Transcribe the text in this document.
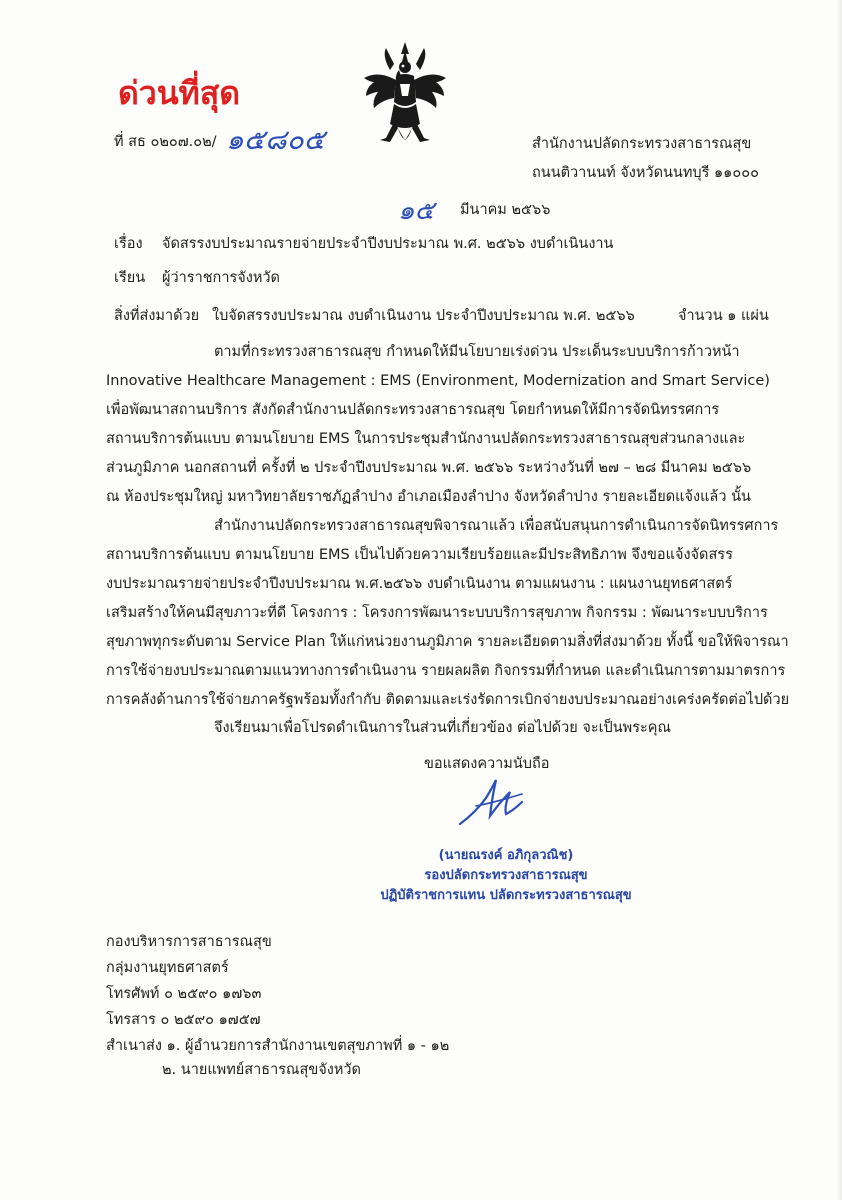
ด่วนที่สุด
ที่ สธ ๐๒๐๗.๐๒/ ๑๕๘๐๕	สำนักงานปลัดกระทรวงสาธารณสุข
ถนนติวานนท์ จังหวัดนนทบุรี ๑๑๐๐๐
๑๕ มีนาคม ๒๕๖๖
เรื่อง จัดสรรงบประมาณรายจ่ายประจำปีงบประมาณ พ.ศ. ๒๕๖๖ งบดำเนินงาน
เรียน ผู้ว่าราชการจังหวัด
สิ่งที่ส่งมาด้วย ใบจัดสรรงบประมาณ งบดำเนินงาน ประจำปีงบประมาณ พ.ศ. ๒๕๖๖	จำนวน ๑ แผ่น
ตามที่กระทรวงสาธารณสุข กำหนดให้มีนโยบายเร่งด่วน ประเด็นระบบบริการก้าวหน้า
Innovative Healthcare Management : EMS (Environment, Modernization and Smart Service)
เพื่อพัฒนาสถานบริการ สังกัดสำนักงานปลัดกระทรวงสาธารณสุข โดยกำหนดให้มีการจัดนิทรรศการ
สถานบริการต้นแบบ ตามนโยบาย EMS ในการประชุมสำนักงานปลัดกระทรวงสาธารณสุขส่วนกลางและ
ส่วนภูมิภาค นอกสถานที่ ครั้งที่ ๒ ประจำปีงบประมาณ พ.ศ. ๒๕๖๖ ระหว่างวันที่ ๒๗ – ๒๘ มีนาคม ๒๕๖๖
ณ ห้องประชุมใหญ่ มหาวิทยาลัยราชภัฏลำปาง อำเภอเมืองลำปาง จังหวัดลำปาง รายละเอียดแจ้งแล้ว นั้น
สำนักงานปลัดกระทรวงสาธารณสุขพิจารณาแล้ว เพื่อสนับสนุนการดำเนินการจัดนิทรรศการ
สถานบริการต้นแบบ ตามนโยบาย EMS เป็นไปด้วยความเรียบร้อยและมีประสิทธิภาพ จึงขอแจ้งจัดสรร
งบประมาณรายจ่ายประจำปีงบประมาณ พ.ศ.๒๕๖๖ งบดำเนินงาน ตามแผนงาน : แผนงานยุทธศาสตร์
เสริมสร้างให้คนมีสุขภาวะที่ดี โครงการ : โครงการพัฒนาระบบบริการสุขภาพ กิจกรรม : พัฒนาระบบบริการ
สุขภาพทุกระดับตาม Service Plan ให้แก่หน่วยงานภูมิภาค รายละเอียดตามสิ่งที่ส่งมาด้วย ทั้งนี้ ขอให้พิจารณา
การใช้จ่ายงบประมาณตามแนวทางการดำเนินงาน รายผลผลิต กิจกรรมที่กำหนด และดำเนินการตามมาตรการ
การคลังด้านการใช้จ่ายภาครัฐพร้อมทั้งกำกับ ติดตามและเร่งรัดการเบิกจ่ายงบประมาณอย่างเคร่งครัดต่อไปด้วย
จึงเรียนมาเพื่อโปรดดำเนินการในส่วนที่เกี่ยวข้อง ต่อไปด้วย จะเป็นพระคุณ
ขอแสดงความนับถือ
(นายณรงค์ อภิกุลวณิช)
รองปลัดกระทรวงสาธารณสุข
ปฏิบัติราชการแทน ปลัดกระทรวงสาธารณสุข
กองบริหารการสาธารณสุข
กลุ่มงานยุทธศาสตร์
โทรศัพท์ ๐ ๒๕๙๐ ๑๗๖๓
โทรสาร ๐ ๒๕๙๐ ๑๗๕๗
สำเนาส่ง ๑. ผู้อำนวยการสำนักงานเขตสุขภาพที่ ๑ - ๑๒
๒. นายแพทย์สาธารณสุขจังหวัด
